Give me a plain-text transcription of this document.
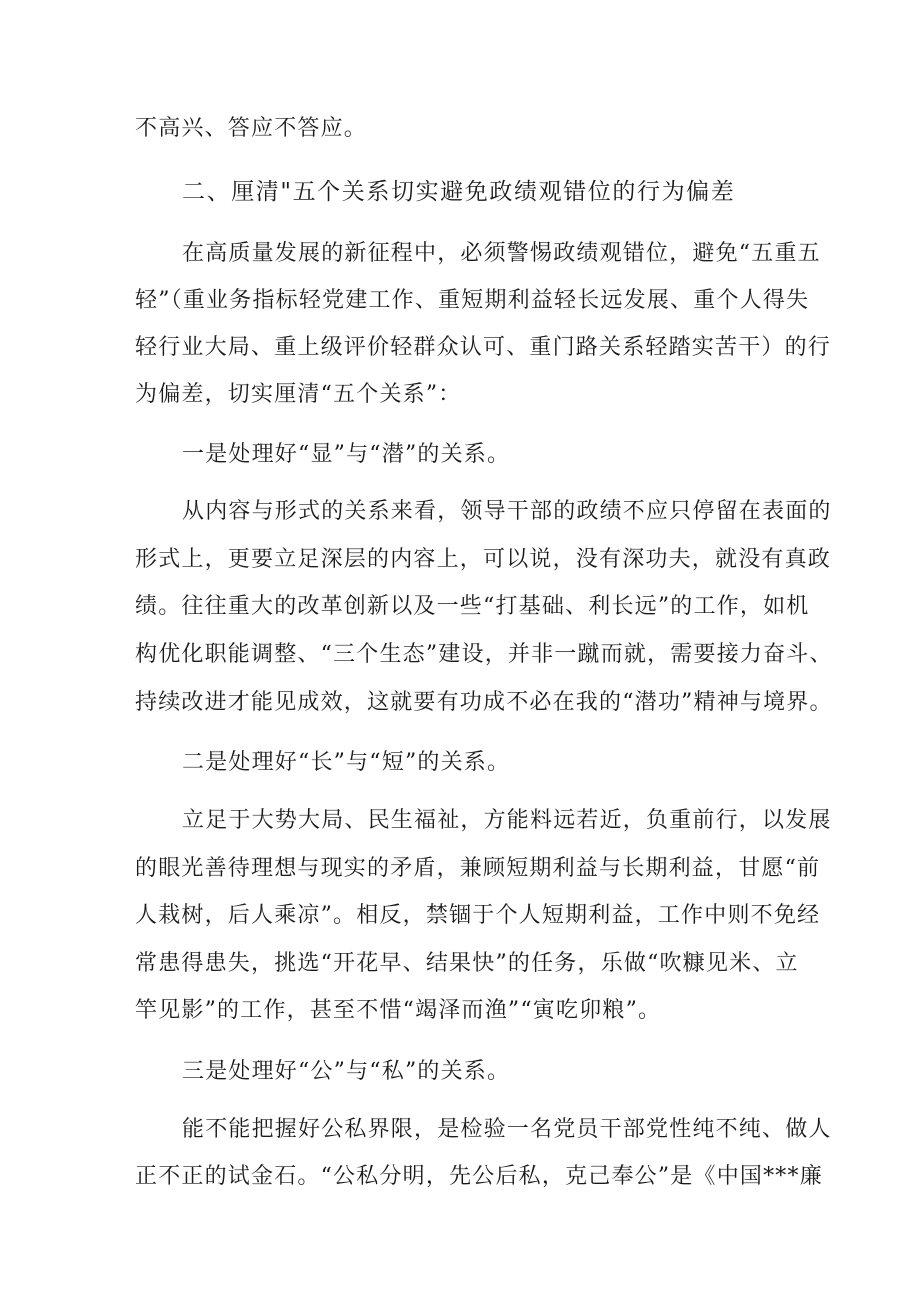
不高兴、答应不答应。
二、厘清"五个关系切实避免政绩观错位的行为偏差
在高质量发展的新征程中，必须警惕政绩观错位，避免“五重五
轻”（重业务指标轻党建工作、重短期利益轻长远发展、重个人得失
轻行业大局、重上级评价轻群众认可、重门路关系轻踏实苦干）的行
为偏差，切实厘清“五个关系”：
一是处理好“显”与“潜”的关系。
从内容与形式的关系来看，领导干部的政绩不应只停留在表面的
形式上，更要立足深层的内容上，可以说，没有深功夫，就没有真政
绩。往往重大的改革创新以及一些“打基础、利长远”的工作，如机
构优化职能调整、“三个生态”建设，并非一蹴而就，需要接力奋斗、
持续改进才能见成效，这就要有功成不必在我的“潜功”精神与境界。
二是处理好“长”与“短”的关系。
立足于大势大局、民生福祉，方能料远若近，负重前行，以发展
的眼光善待理想与现实的矛盾，兼顾短期利益与长期利益，甘愿“前
人栽树，后人乘凉”。相反，禁锢于个人短期利益，工作中则不免经
常患得患失，挑选“开花早、结果快”的任务，乐做“吹糠见米、立
竿见影”的工作，甚至不惜“竭泽而渔”“寅吃卯粮”。
三是处理好“公”与“私”的关系。
能不能把握好公私界限，是检验一名党员干部党性纯不纯、做人
正不正的试金石。“公私分明，先公后私，克己奉公”是《中国***廉
